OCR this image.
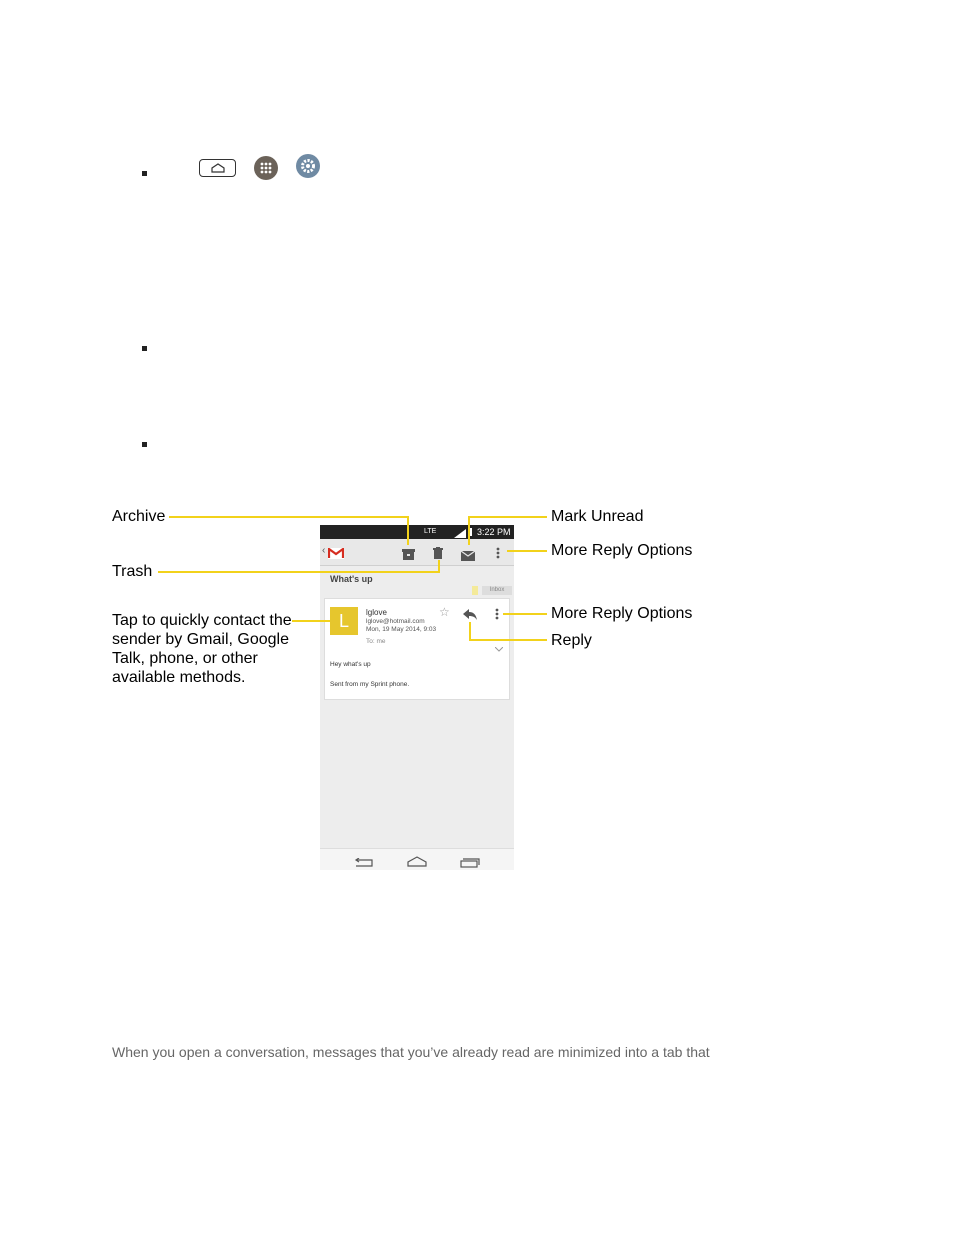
Archive
Trash
Tap to quickly contact the sender by Gmail, Google Talk, phone, or other available methods.
Mark Unread
More Reply Options
More Reply Options
Reply
LTE	3:22 PM
‹
What's up
Inbox
L	lglove
lglove@hotmail.com
Mon, 19 May 2014, 9:03
To: me
☆
Hey what's up
Sent from my Sprint phone.
When you open a conversation, messages that you’ve already read are minimized into a tab that
